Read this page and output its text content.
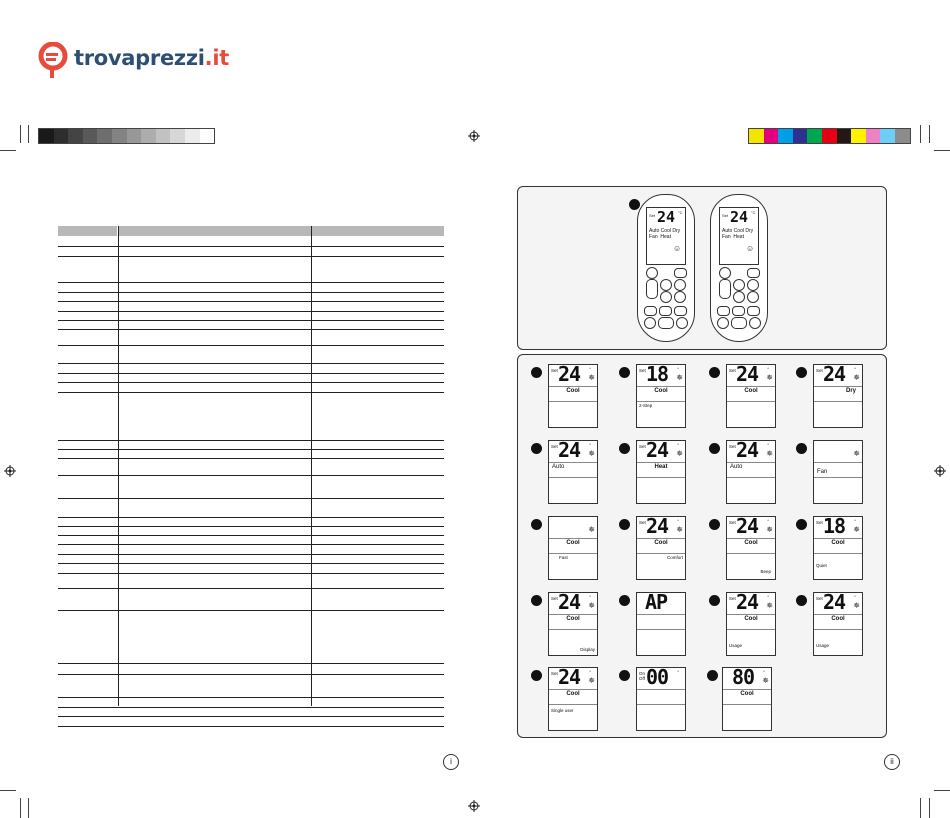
trovaprezzi.it
Set 24 °C
Auto Cool Dry
Fan  Heat
☺
Set 24 °C
Auto Cool Dry
Fan  Heat
☺
Set 24 °
✵
Cool
Set 18 °
✵
Cool
2-Step
Set 24 °
✵
Cool
Set 24 °
✵
Dry
Set 24 °
✵
Auto
Set 24 °
✵
Heat
Set 24 °
✵
Auto
✵
Fan
✵
Cool
Fast
Set 24 °
✵
Cool
Comfort
Set 24 °
✵
Cool
Beep
Set 18 °
✵
Cool
Quiet
Set 24 °
✵
Cool
Display
AP	Set 24 °
✵
Cool
Usage
Set 24 °
✵
Cool
Usage
Set 24 °
✵
Cool
Single user
On
Off 00 °	80 °
✵
Cool
i	ii
